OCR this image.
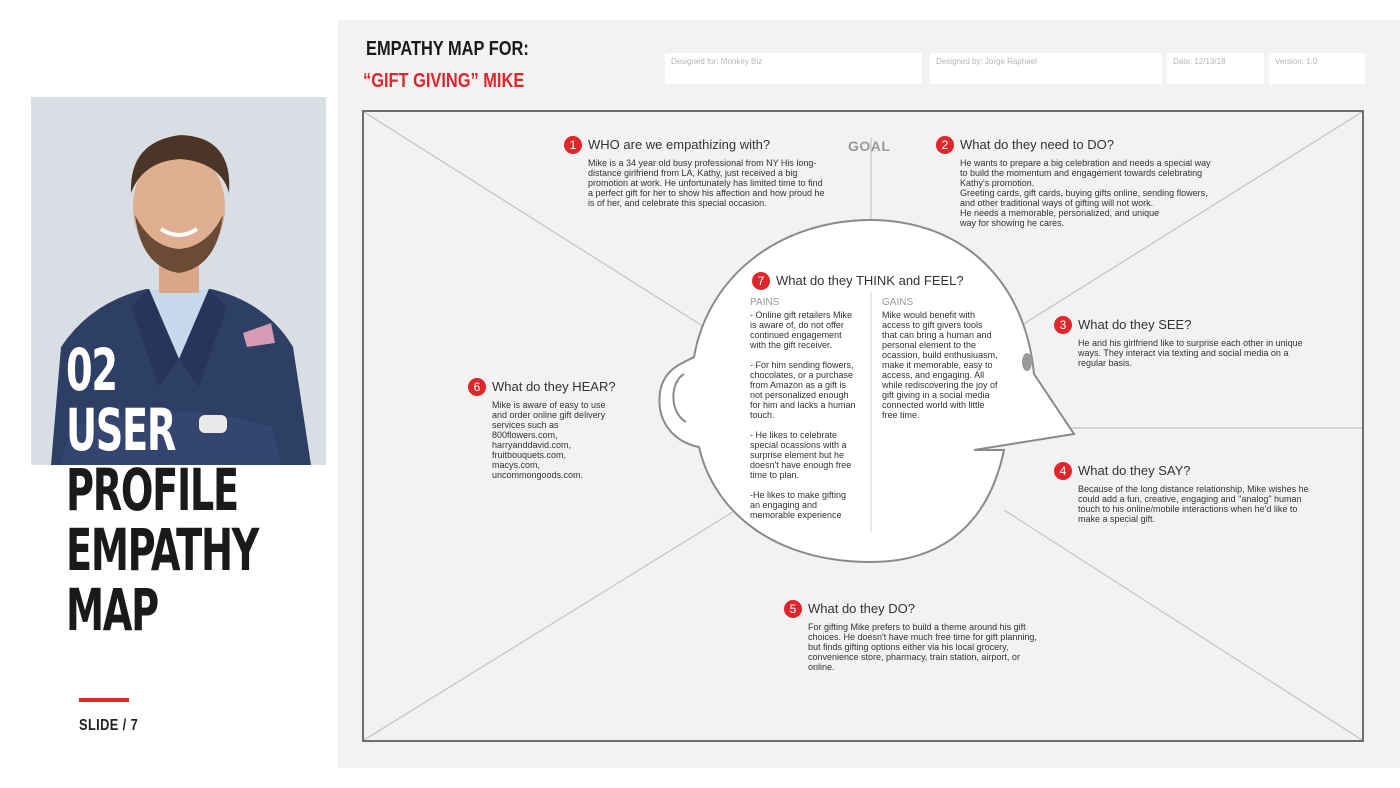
02
USER
PROFILE
EMPATHY
MAP
SLIDE / 7
EMPATHY MAP FOR:
“GIFT GIVING” MIKE
Designed for: Monkey Biz	Designed by: Jorge Raphael	Date: 12/13/18	Version: 1.0
GOAL
1 WHO are we empathizing with?
Mike is a 34 year old busy professional from NY His long-
distance girlfriend from LA, Kathy, just received a big
promotion at work. He unfortunately has limited time to find
a perfect gift for her to show his affection and how proud he
is of her, and celebrate this special occasion.
2 What do they need to DO?
He wants to prepare a big celebration and needs a special way
to build the momentum and engagement towards celebrating
Kathy's promotion.
Greeting cards, gift cards, buying gifts online, sending flowers,
and other traditional ways of gifting will not work.
He needs a memorable, personalized, and unique
way for showing he cares.
7 What do they THINK and FEEL?
PAINS
- Online gift retailers Mike
is aware of, do not offer
continued engagement
with the gift receiver.

- For him sending flowers,
chocolates, or a purchase
from Amazon as a gift is
not personalized enough
for him and lacks a human
touch.

- He likes to celebrate
special ocassions with a
surprise element but he
doesn't have enough free
time to plan.

-He likes to make gifting
an engaging and
memorable experience
GAINS
Mike would benefit with
access to gift givers tools
that can bring a human and
personal element to the
ocassion, build enthusiuasm,
make it memorable, easy to
access, and engaging. All
while rediscovering the joy of
gift giving in a social media
connected world with little
free time.
3 What do they SEE?
He and his girlfriend like to surprise each other in unique
ways. They interact via texting and social media on a
regular basis.
4 What do they SAY?
Because of the long distance relationship, Mike wishes he
could add a fun, creative, engaging and "analog" human
touch to his online/mobile interactions when he'd like to
make a special gift.
5 What do they DO?
For gifting Mike prefers to build a theme around his gift
choices. He doesn't have much free time for gift planning,
but finds gifting options either via his local grocery,
convenience store, pharmacy, train station, airport, or
online.
6 What do they HEAR?
Mike is aware of easy to use
and order online gift delivery
services such as
800flowers.com,
harryanddavid.com,
fruitbouquets.com,
macys.com,
uncommongoods.com.
